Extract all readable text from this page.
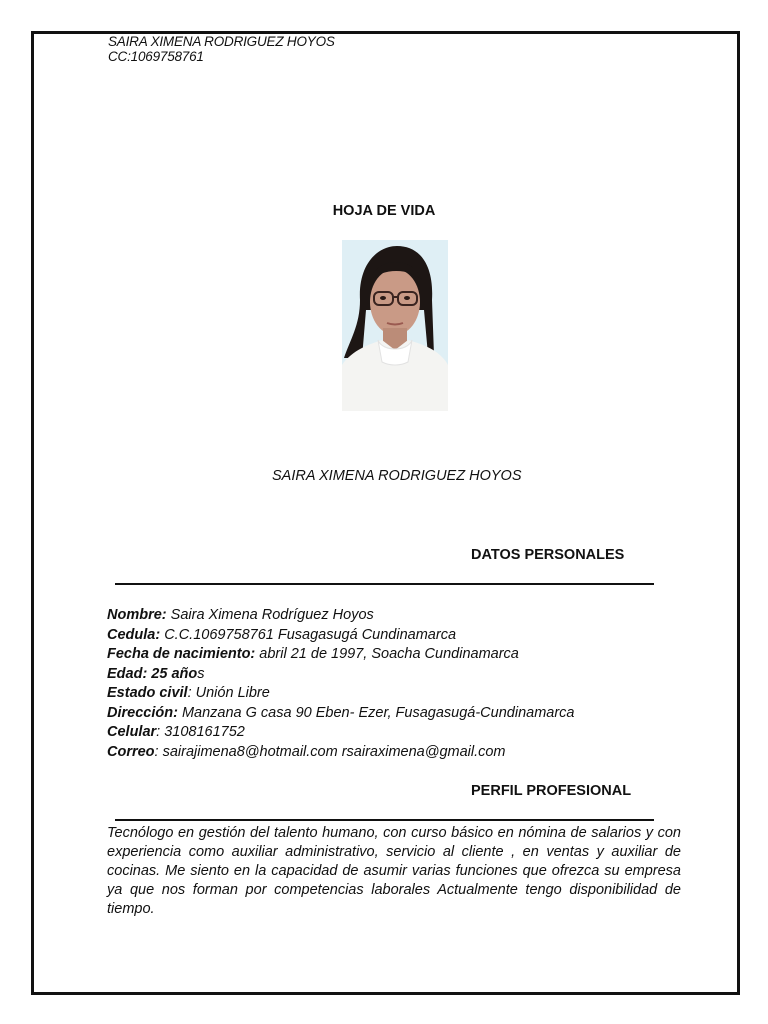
SAIRA XIMENA RODRIGUEZ HOYOS
CC:1069758761
HOJA DE VIDA
SAIRA XIMENA RODRIGUEZ HOYOS
DATOS PERSONALES
Nombre: Saira Ximena Rodríguez Hoyos
Cedula: C.C.1069758761 Fusagasugá Cundinamarca
Fecha de nacimiento: abril 21 de 1997, Soacha Cundinamarca
Edad: 25 años
Estado civil: Unión Libre
Dirección: Manzana G casa 90 Eben- Ezer, Fusagasugá-Cundinamarca
Celular: 3108161752
Correo: sairajimena8@hotmail.com rsairaximena@gmail.com
PERFIL PROFESIONAL
Tecnólogo en gestión del talento humano, con curso básico en nómina de salarios y con experiencia como auxiliar administrativo, servicio al cliente , en ventas y auxiliar de cocinas. Me siento en la capacidad de asumir varias funciones que ofrezca su empresa ya que nos forman por competencias laborales Actualmente tengo disponibilidad de tiempo.
